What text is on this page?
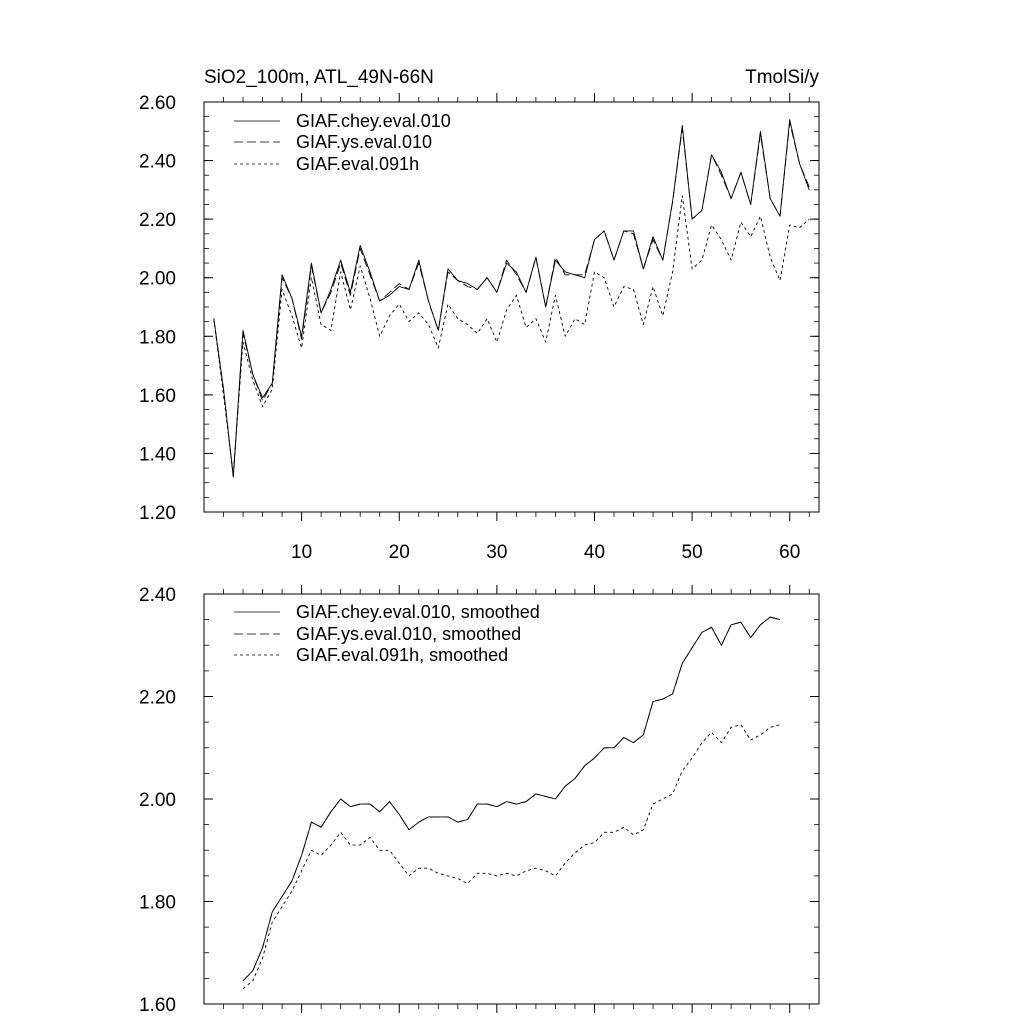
SiO2_100m, ATL_49N-66N	TmolSi/y
1.20
1.40
1.60
1.80
2.00
2.20
2.40
2.60
10	20	30	40	50	60
GIAF.chey.eval.010
GIAF.ys.eval.010
GIAF.eval.091h
1.60
1.80
2.00
2.20
2.40
GIAF.chey.eval.010, smoothed
GIAF.ys.eval.010, smoothed
GIAF.eval.091h, smoothed
